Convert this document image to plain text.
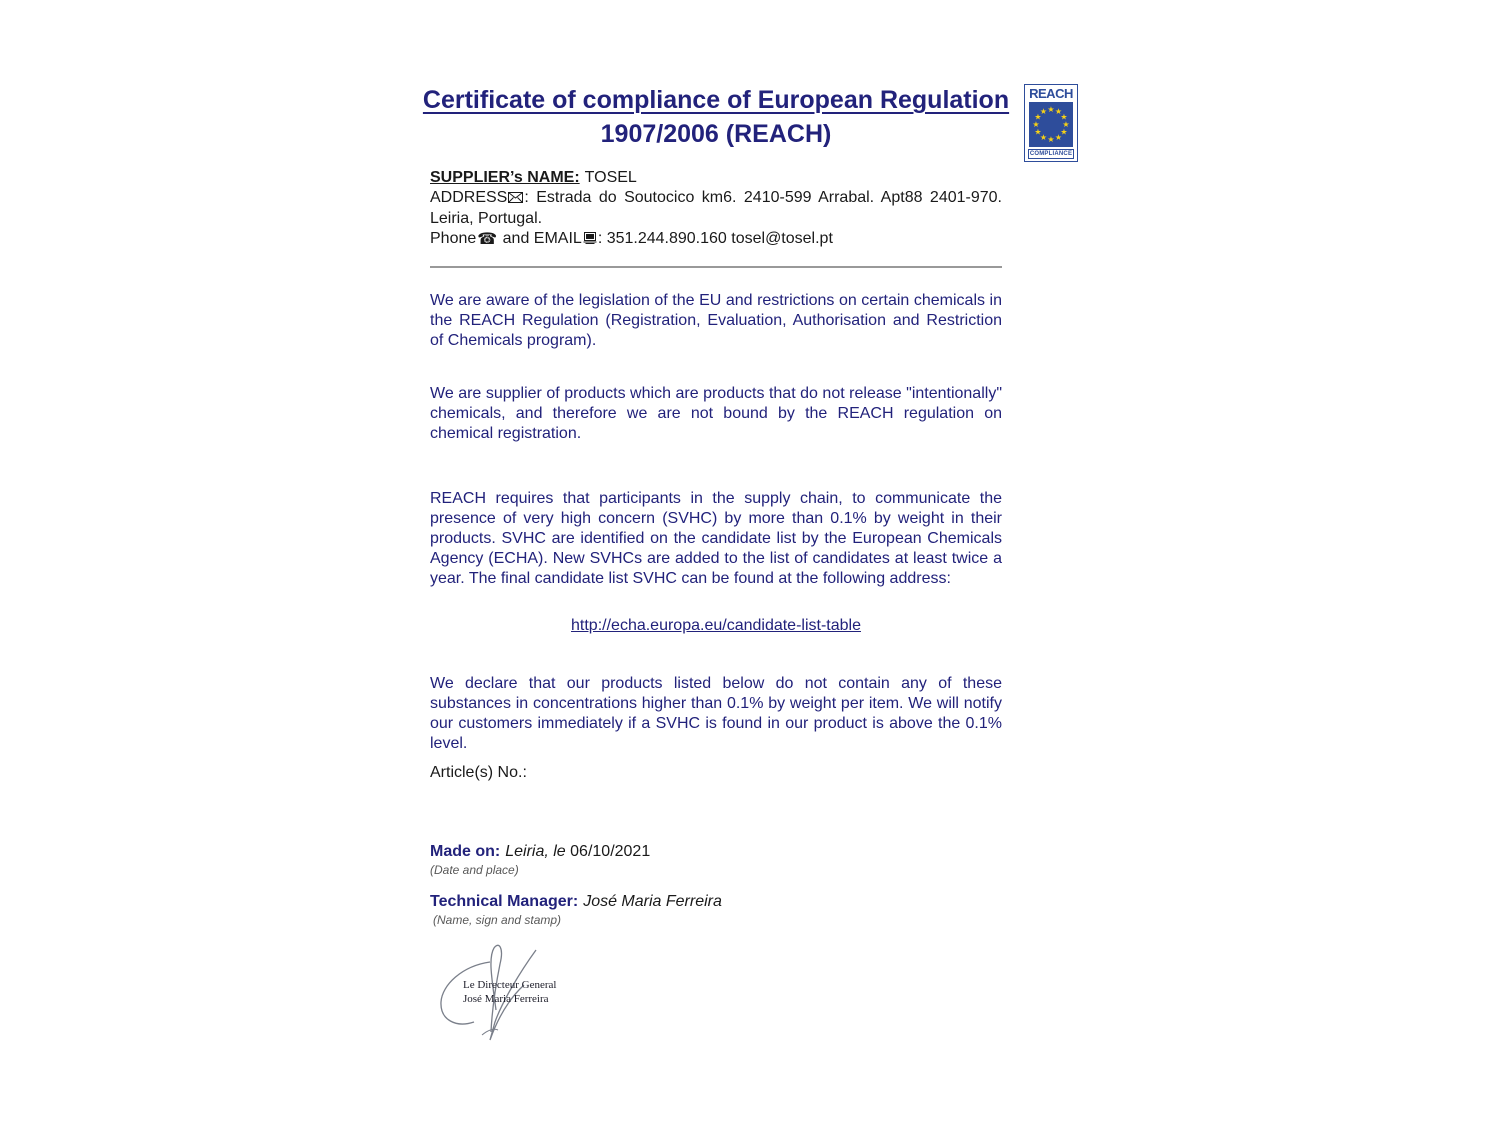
Certificate of compliance of European Regulation
1907/2006 (REACH)
REACH
★ ★
★
★
★
★
★
★
★
★
★
★
COMPLIANCE
SUPPLIER’s NAME: TOSEL
ADDRESS : Estrada do Soutocico km6. 2410-599 Arrabal. Apt88 2401-970. Leiria, Portugal.
Phone☎ and EMAIL : 351.244.890.160 tosel@tosel.pt

We are aware of the legislation of the EU and restrictions on certain chemicals in the REACH Regulation (Registration, Evaluation, Authorisation and Restriction of Chemicals program).

We are supplier of products which are products that do not release "intentionally" chemicals, and therefore we are not bound by the REACH regulation on chemical registration.

REACH requires that participants in the supply chain, to communicate the presence of very high concern (SVHC) by more than 0.1% by weight in their products. SVHC are identified on the candidate list by the European Chemicals Agency (ECHA). New SVHCs are added to the list of candidates at least twice a year. The final candidate list SVHC can be found at the following address:

http://echa.europa.eu/candidate-list-table

We declare that our products listed below do not contain any of these substances in concentrations higher than 0.1% by weight per item. We will notify our customers immediately if a SVHC is found in our product is above the 0.1% level.

Article(s) No.:
Made on: Leiria, le 06/10/2021
(Date and place)
Technical Manager: José Maria Ferreira
(Name, sign and stamp)
Le Directeur General
José Maria Ferreira
